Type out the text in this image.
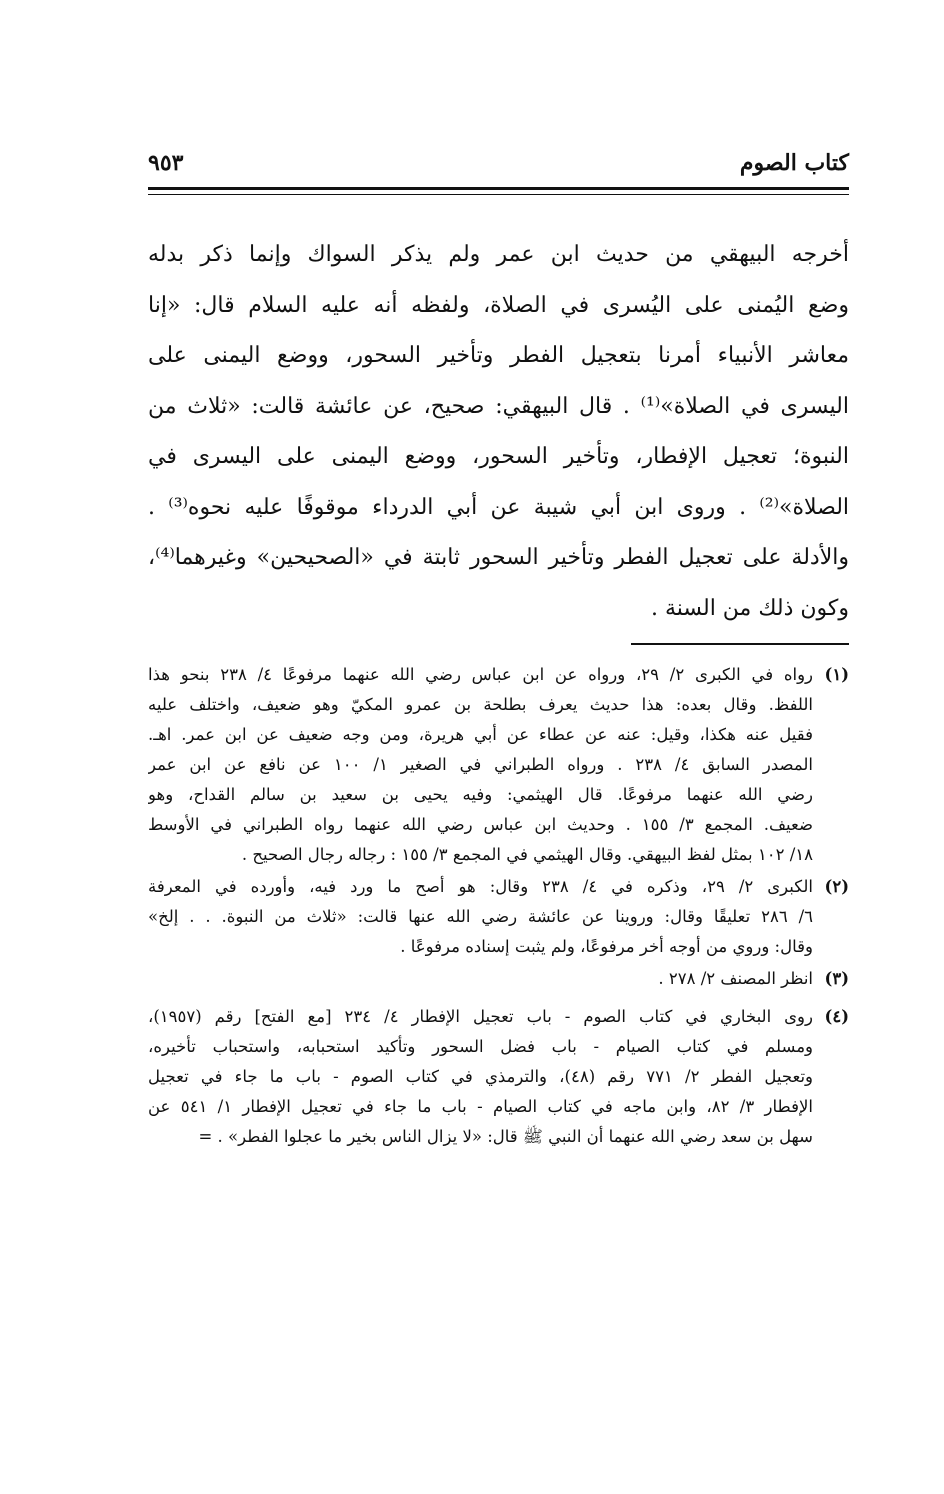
كتاب الصوم
٩٥٣
أخرجه البيهقي من حديث ابن عمر ولم يذكر السواك وإنما ذكر بدله
وضع اليُمنى على اليُسرى في الصلاة، ولفظه أنه عليه السلام قال: «إنا
معاشر الأنبياء أمرنا بتعجيل الفطر وتأخير السحور، ووضع اليمنى على
اليسرى في الصلاة»⁽¹⁾ . قال البيهقي: صحيح، عن عائشة قالت: «ثلاث من
النبوة؛ تعجيل الإفطار، وتأخير السحور، ووضع اليمنى على اليسرى في
الصلاة»⁽²⁾ . وروى ابن أبي شيبة عن أبي الدرداء موقوفًا عليه نحوه⁽³⁾ .
والأدلة على تعجيل الفطر وتأخير السحور ثابتة في «الصحيحين» وغيرهما⁽⁴⁾،
وكون ذلك من السنة .
(١)
رواه في الكبرى ٢/ ٢٩، ورواه عن ابن عباس رضي الله عنهما مرفوعًا ٤/ ٢٣٨ بنحو هذا
اللفظ. وقال بعده: هذا حديث يعرف بطلحة بن عمرو المكيّ وهو ضعيف، واختلف عليه
فقيل عنه هكذا، وقيل: عنه عن عطاء عن أبي هريرة، ومن وجه ضعيف عن ابن عمر. اهـ.
المصدر السابق ٤/ ٢٣٨ . ورواه الطبراني في الصغير ١/ ١٠٠ عن نافع عن ابن عمر
رضي الله عنهما مرفوعًا. قال الهيثمي: وفيه يحيى بن سعيد بن سالم القداح، وهو
ضعيف. المجمع ٣/ ١٥٥ . وحديث ابن عباس رضي الله عنهما رواه الطبراني في الأوسط
١٨/ ١٠٢ بمثل لفظ البيهقي. وقال الهيثمي في المجمع ٣/ ١٥٥ : رجاله رجال الصحيح .
(٢)
الكبرى ٢/ ٢٩، وذكره في ٤/ ٢٣٨ وقال: هو أصح ما ورد فيه، وأورده في المعرفة
٦/ ٢٨٦ تعليقًا وقال: وروينا عن عائشة رضي الله عنها قالت: «ثلاث من النبوة. . . إلخ»
وقال: وروي من أوجه أخر مرفوعًا، ولم يثبت إسناده مرفوعًا .
(٣)
انظر المصنف ٢/ ٢٧٨ .
(٤)
روى البخاري في كتاب الصوم - باب تعجيل الإفطار ٤/ ٢٣٤ [مع الفتح] رقم (١٩٥٧)،
ومسلم في كتاب الصيام - باب فضل السحور وتأكيد استحبابه، واستحباب تأخيره،
وتعجيل الفطر ٢/ ٧٧١ رقم (٤٨)، والترمذي في كتاب الصوم - باب ما جاء في تعجيل
الإفطار ٣/ ٨٢، وابن ماجه في كتاب الصيام - باب ما جاء في تعجيل الإفطار ١/ ٥٤١ عن
سهل بن سعد رضي الله عنهما أن النبي ﷺ قال: «لا يزال الناس بخير ما عجلوا الفطر» . =
